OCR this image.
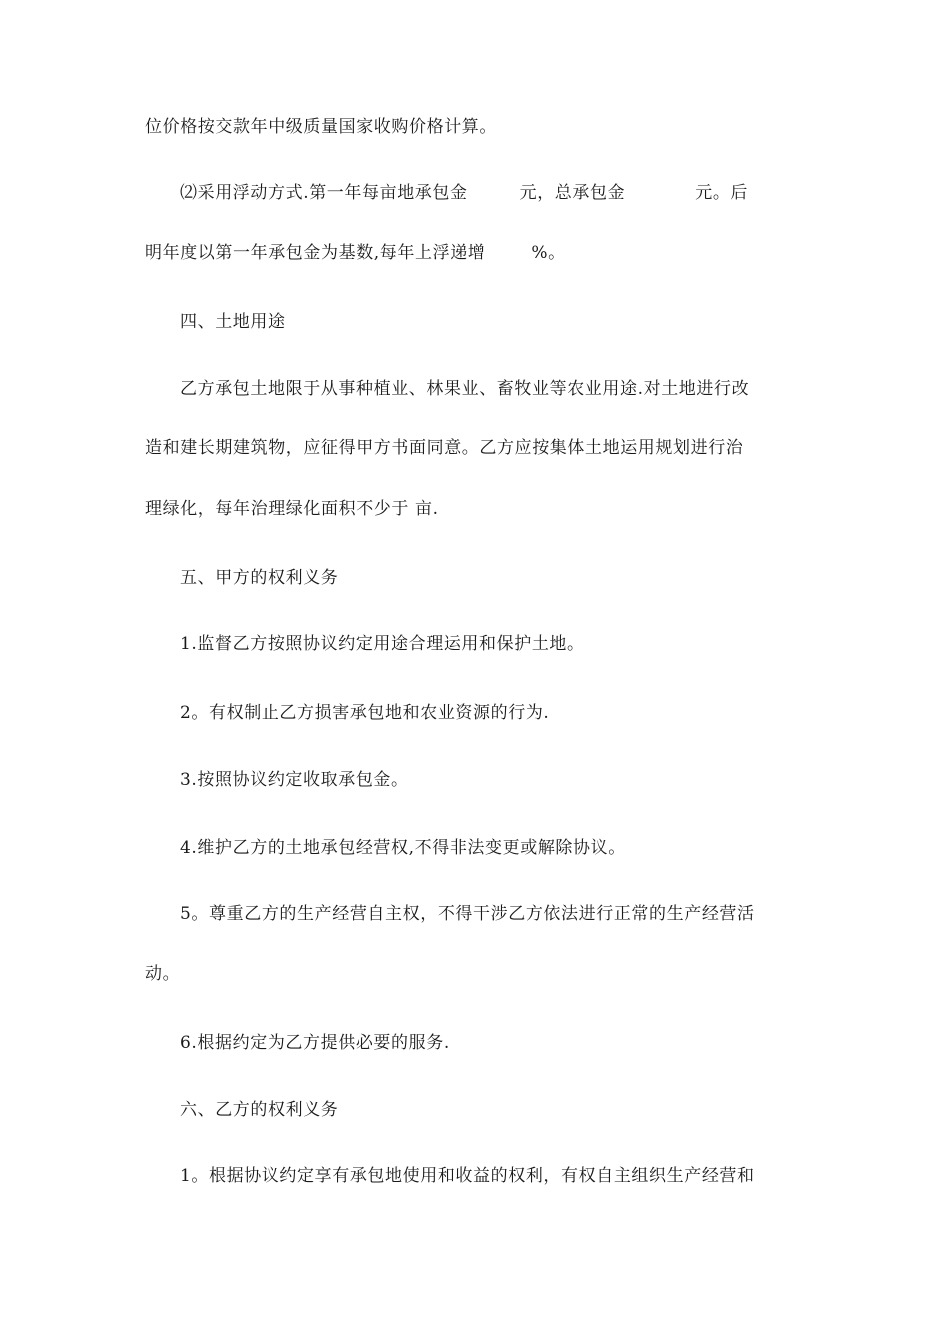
位价格按交款年中级质量国家收购价格计算。
⑵采用浮动方式.第一年每亩地承包金	元，总承包金	元。后
明年度以第一年承包金为基数,每年上浮递增	%。
四、土地用途
乙方承包土地限于从事种植业、林果业、畜牧业等农业用途.对土地进行改
造和建长期建筑物，应征得甲方书面同意。乙方应按集体土地运用规划进行治
理绿化，每年治理绿化面积不少于 亩.
五、甲方的权利义务
1.监督乙方按照协议约定用途合理运用和保护土地。
2。有权制止乙方损害承包地和农业资源的行为.
3.按照协议约定收取承包金。
4.维护乙方的土地承包经营权,不得非法变更或解除协议。
5。尊重乙方的生产经营自主权，不得干涉乙方依法进行正常的生产经营活
动。
6.根据约定为乙方提供必要的服务.
六、乙方的权利义务
1。根据协议约定享有承包地使用和收益的权利，有权自主组织生产经营和
